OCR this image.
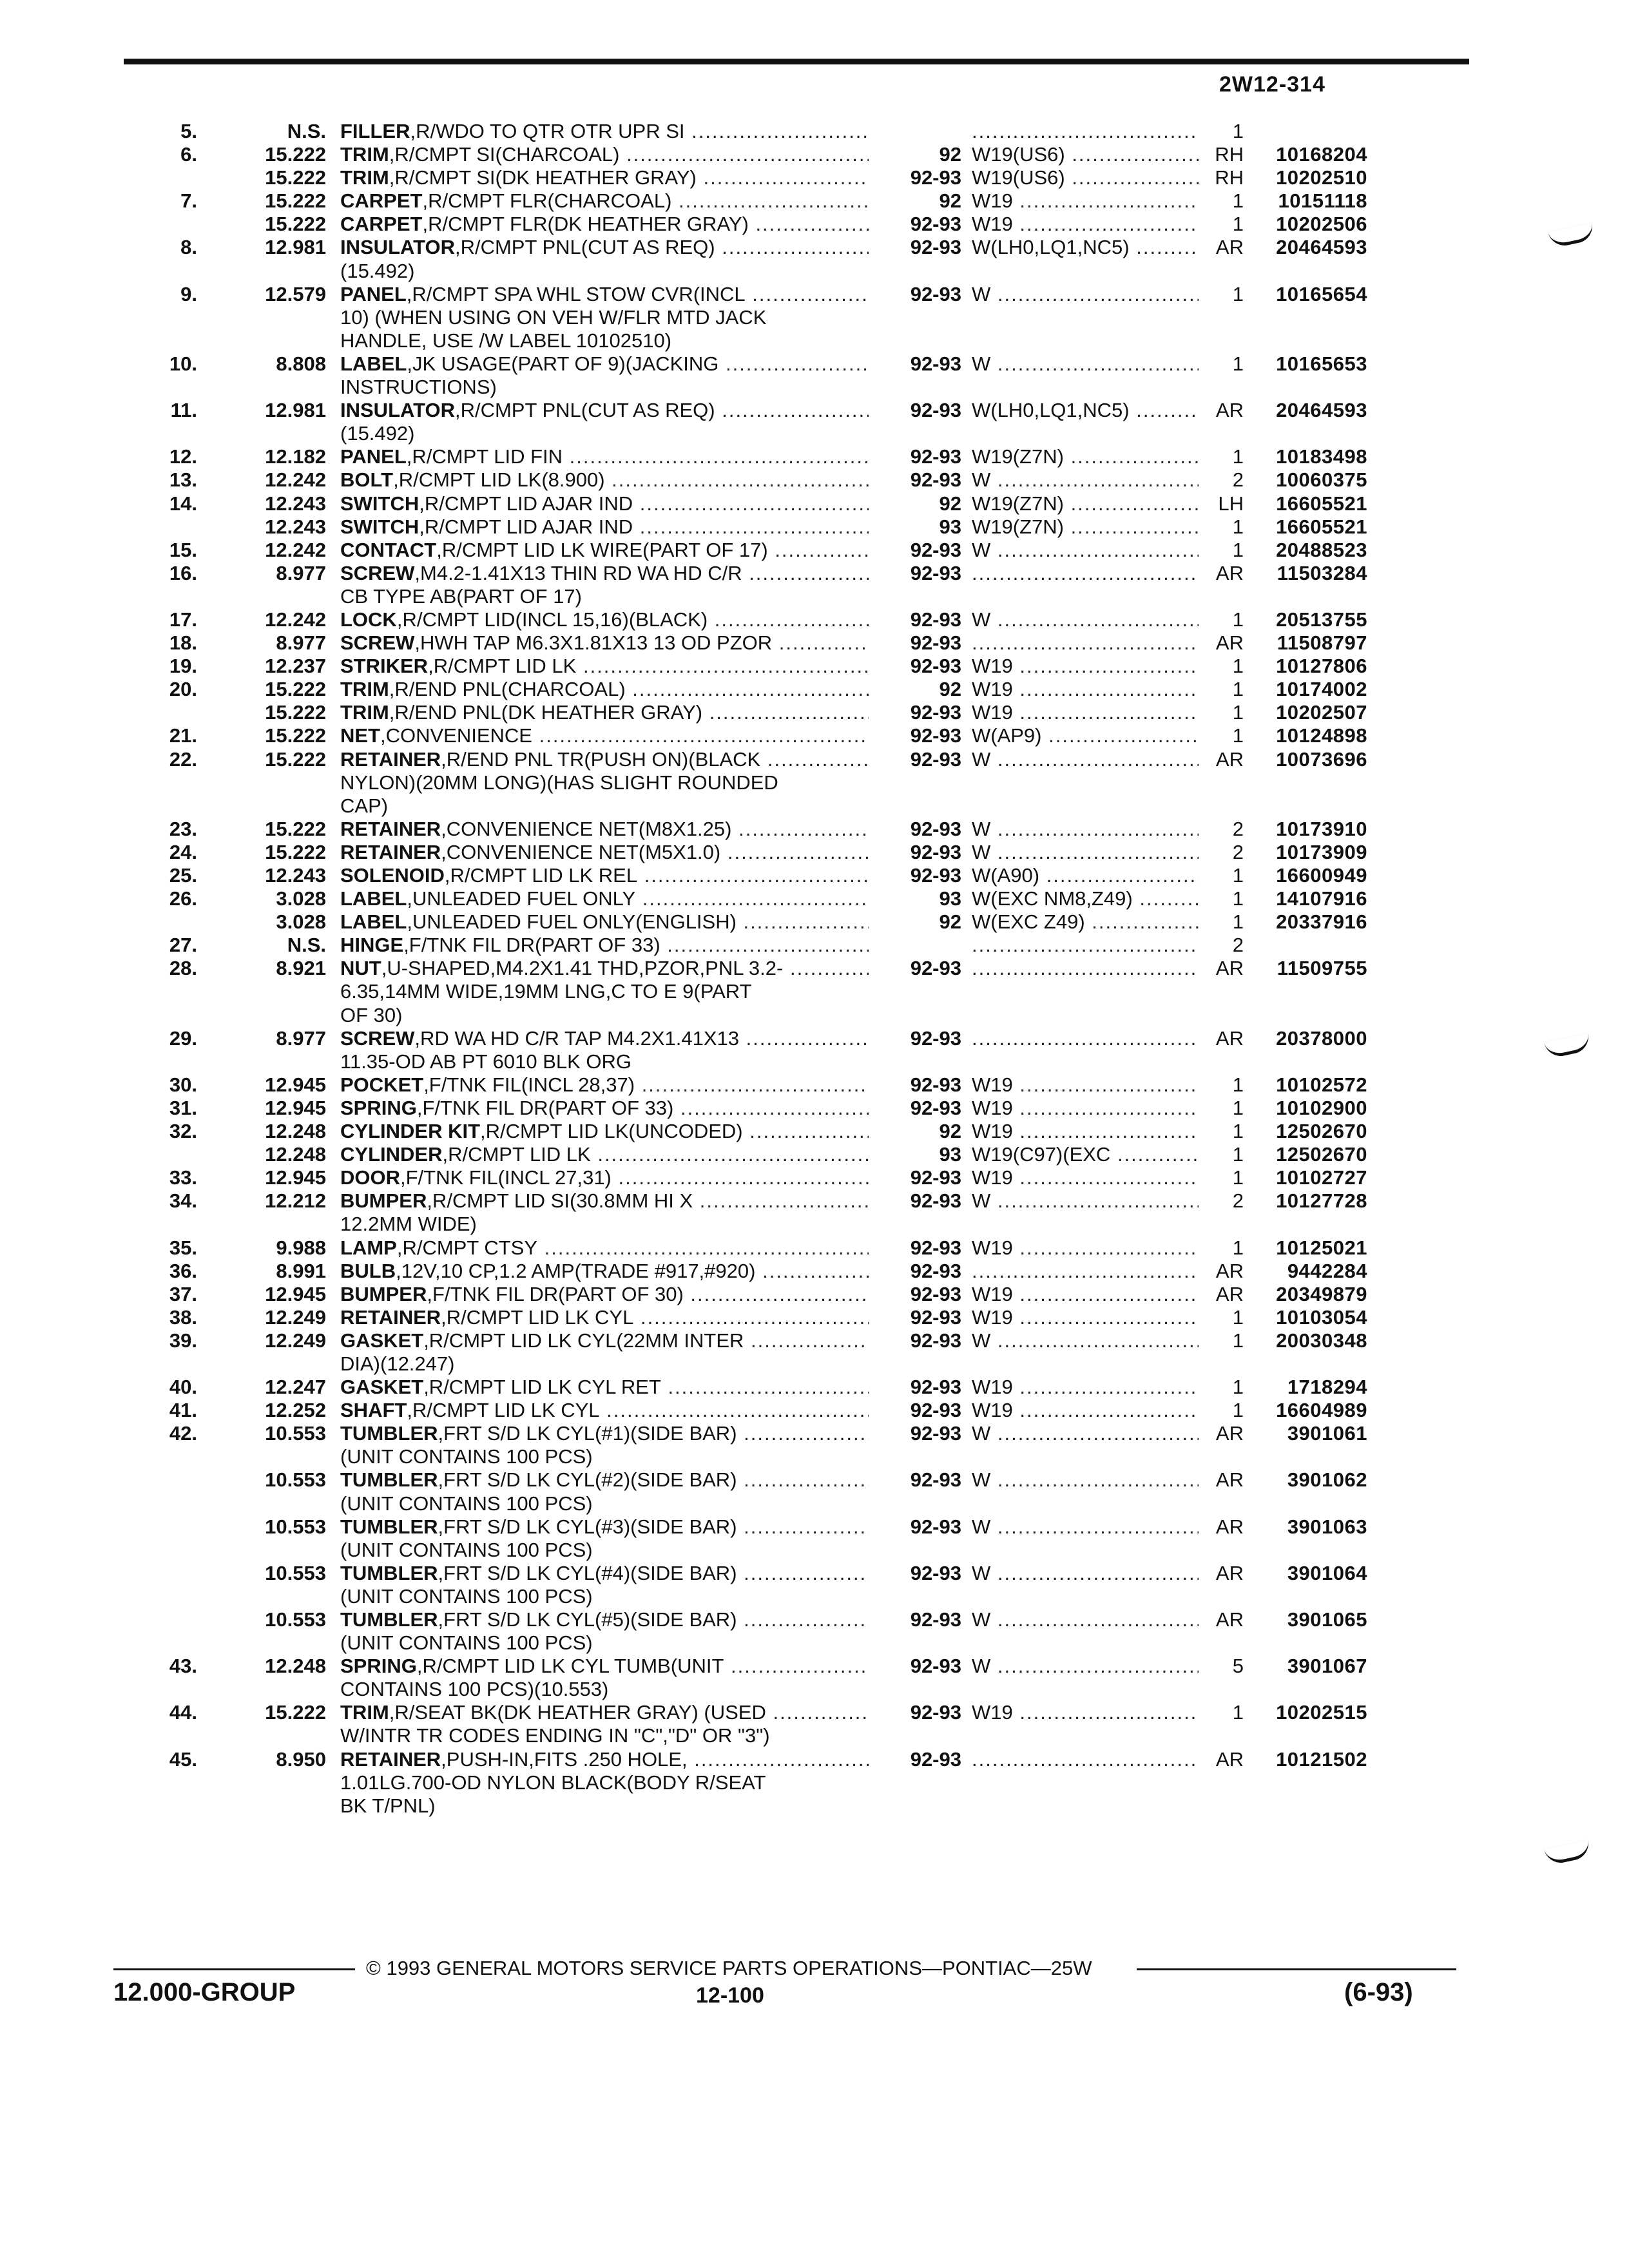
2W12-314
5.	N.S. FILLER,R/WDO TO QTR OTR UPR SI ..... .....	1
6.	15.222 TRIM,R/CMPT SI(CHARCOAL) .....	92 W19(US6) .....	RH 10168204
15.222 TRIM,R/CMPT SI(DK HEATHER GRAY) .....	92-93 W19(US6) .....	RH 10202510
7.	15.222 CARPET,R/CMPT FLR(CHARCOAL) .....	92 W19 .....	1 10151118
15.222 CARPET,R/CMPT FLR(DK HEATHER GRAY) .....	92-93 W19 .....	1 10202506
8.	12.981 INSULATOR,R/CMPT PNL(CUT AS REQ) .....	92-93 W(LH0,LQ1,NC5) .....	AR 20464593
(15.492)
9.	12.579 PANEL,R/CMPT SPA WHL STOW CVR(INCL .....	92-93 W .....	1 10165654
10) (WHEN USING ON VEH W/FLR MTD JACK
HANDLE, USE /W LABEL 10102510)
10.	8.808 LABEL,JK USAGE(PART OF 9)(JACKING .....	92-93 W .....	1 10165653
INSTRUCTIONS)
11.	12.981 INSULATOR,R/CMPT PNL(CUT AS REQ) .....	92-93 W(LH0,LQ1,NC5) .....	AR 20464593
(15.492)
12.	12.182 PANEL,R/CMPT LID FIN .....	92-93 W19(Z7N) .....	1 10183498
13.	12.242 BOLT,R/CMPT LID LK(8.900) .....	92-93 W .....	2 10060375
14.	12.243 SWITCH,R/CMPT LID AJAR IND .....	92 W19(Z7N) .....	LH 16605521
12.243 SWITCH,R/CMPT LID AJAR IND .....	93 W19(Z7N) .....	1 16605521
15.	12.242 CONTACT,R/CMPT LID LK WIRE(PART OF 17) .....	92-93 W .....	1 20488523
16.	8.977 SCREW,M4.2-1.41X13 THIN RD WA HD C/R .....	92-93 .....	AR 11503284
CB TYPE AB(PART OF 17)
17.	12.242 LOCK,R/CMPT LID(INCL 15,16)(BLACK) .....	92-93 W .....	1 20513755
18.	8.977 SCREW,HWH TAP M6.3X1.81X13 13 OD PZOR .....	92-93 .....	AR 11508797
19.	12.237 STRIKER,R/CMPT LID LK .....	92-93 W19 .....	1 10127806
20.	15.222 TRIM,R/END PNL(CHARCOAL) .....	92 W19 .....	1 10174002
15.222 TRIM,R/END PNL(DK HEATHER GRAY) .....	92-93 W19 .....	1 10202507
21.	15.222 NET,CONVENIENCE .....	92-93 W(AP9) .....	1 10124898
22.	15.222 RETAINER,R/END PNL TR(PUSH ON)(BLACK .....	92-93 W .....	AR 10073696
NYLON)(20MM LONG)(HAS SLIGHT ROUNDED
CAP)
23.	15.222 RETAINER,CONVENIENCE NET(M8X1.25) .....	92-93 W .....	2 10173910
24.	15.222 RETAINER,CONVENIENCE NET(M5X1.0) .....	92-93 W .....	2 10173909
25.	12.243 SOLENOID,R/CMPT LID LK REL .....	92-93 W(A90) .....	1 16600949
26.	3.028 LABEL,UNLEADED FUEL ONLY .....	93 W(EXC NM8,Z49) .....	1 14107916
3.028 LABEL,UNLEADED FUEL ONLY(ENGLISH) .....	92 W(EXC Z49) .....	1 20337916
27.	N.S. HINGE,F/TNK FIL DR(PART OF 33) ..... .....	2
28.	8.921 NUT,U-SHAPED,M4.2X1.41 THD,PZOR,PNL 3.2- .....	92-93 .....	AR 11509755
6.35,14MM WIDE,19MM LNG,C TO E 9(PART
OF 30)
29.	8.977 SCREW,RD WA HD C/R TAP M4.2X1.41X13 .....	92-93 .....	AR 20378000
11.35-OD AB PT 6010 BLK ORG
30.	12.945 POCKET,F/TNK FIL(INCL 28,37) .....	92-93 W19 .....	1 10102572
31.	12.945 SPRING,F/TNK FIL DR(PART OF 33) .....	92-93 W19 .....	1 10102900
32.	12.248 CYLINDER KIT,R/CMPT LID LK(UNCODED) .....	92 W19 .....	1 12502670
12.248 CYLINDER,R/CMPT LID LK .....	93 W19(C97)(EXC .....	1 12502670
33.	12.945 DOOR,F/TNK FIL(INCL 27,31) .....	92-93 W19 .....	1 10102727
34.	12.212 BUMPER,R/CMPT LID SI(30.8MM HI X .....	92-93 W .....	2 10127728
12.2MM WIDE)
35.	9.988 LAMP,R/CMPT CTSY .....	92-93 W19 .....	1 10125021
36.	8.991 BULB,12V,10 CP,1.2 AMP(TRADE #917,#920) .....	92-93 .....	AR 9442284
37.	12.945 BUMPER,F/TNK FIL DR(PART OF 30) .....	92-93 W19 .....	AR 20349879
38.	12.249 RETAINER,R/CMPT LID LK CYL .....	92-93 W19 .....	1 10103054
39.	12.249 GASKET,R/CMPT LID LK CYL(22MM INTER .....	92-93 W .....	1 20030348
DIA)(12.247)
40.	12.247 GASKET,R/CMPT LID LK CYL RET .....	92-93 W19 .....	1 1718294
41.	12.252 SHAFT,R/CMPT LID LK CYL .....	92-93 W19 .....	1 16604989
42.	10.553 TUMBLER,FRT S/D LK CYL(#1)(SIDE BAR) .....	92-93 W .....	AR 3901061
(UNIT CONTAINS 100 PCS)
10.553 TUMBLER,FRT S/D LK CYL(#2)(SIDE BAR) .....	92-93 W .....	AR 3901062
(UNIT CONTAINS 100 PCS)
10.553 TUMBLER,FRT S/D LK CYL(#3)(SIDE BAR) .....	92-93 W .....	AR 3901063
(UNIT CONTAINS 100 PCS)
10.553 TUMBLER,FRT S/D LK CYL(#4)(SIDE BAR) .....	92-93 W .....	AR 3901064
(UNIT CONTAINS 100 PCS)
10.553 TUMBLER,FRT S/D LK CYL(#5)(SIDE BAR) .....	92-93 W .....	AR 3901065
(UNIT CONTAINS 100 PCS)
43.	12.248 SPRING,R/CMPT LID LK CYL TUMB(UNIT .....	92-93 W .....	5 3901067
CONTAINS 100 PCS)(10.553)
44.	15.222 TRIM,R/SEAT BK(DK HEATHER GRAY) (USED .....	92-93 W19 .....	1 10202515
W/INTR TR CODES ENDING IN "C","D" OR "3")
45.	8.950 RETAINER,PUSH-IN,FITS .250 HOLE, .....	92-93 .....	AR 10121502
1.01LG.700-OD NYLON BLACK(BODY R/SEAT
BK T/PNL)
© 1993 GENERAL MOTORS SERVICE PARTS OPERATIONS—PONTIAC—25W
12.000-GROUP	12-100	(6-93)
